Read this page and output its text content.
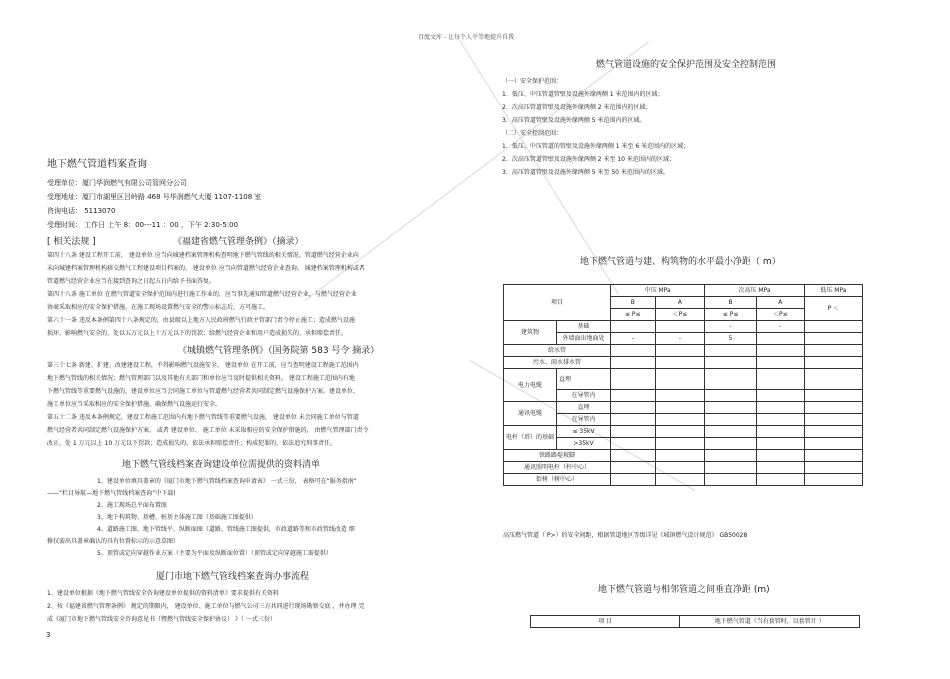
百度文库 - 让每个人平等地提升自我
地下燃气管道档案查询
受理单位：厦门华润燃气有限公司管网分公司
受理地址：厦门市湖里区吕岭路 468 号华润燃气大厦 1107-1108 室
咨询电话： 5113070
受理时间： 工作日 上午 8：00---11 ：00 ，下午 2:30-5:00
[ 相关法规 ]	《福建省燃气管理条例》（摘录）
第四十八条 建设工程开工前， 建设单位 应当向城建档案管理机构查明地下燃气管线的相关情况。管道燃气经营企业向
未向城建档案管理机构移交燃气工程建设项目档案的， 建设单位 应当向管道燃气经营企业查询。 城建档案管理机构或者
管道燃气经营企业应当在接到查询之日起五日内给予书面答复。
第四十八条 施工单位 在燃气管道安全保护范围内进行施工作业的，应当事先通知管道燃气经营企业，与燃气经营企业
协商采取相应的安全保护措施，在施工现场设置燃气安全的警示标志后，方可施工。
第六十一条 违反本条例第四十八条规定的，由县级以上地方人民政府燃气行政主管部门责令停止施工；造成燃气设施
损坏，影响燃气安全的，处以五万元以上十万元以下的罚款；给燃气经营企业和用户造成损失的，承担赔偿责任。
《城镇燃气管理条例》（国务院第 583 号令 摘录）
第三十七条 新建、扩建、改建建设工程，不得影响燃气设施安全。 建设单位 在开工前，应当查明建设工程施工范围内
地下燃气管线的相关情况；燃气管理部门以及其他有关部门和单位应当及时提供相关资料。 建设工程施工范围内有地
下燃气管线等重要燃气设施的，建设单位应当会同施工单位与管道燃气经营者共同制定燃气设施保护方案。建设单位、
施工单位应当采取相应的安全保护措施，确保燃气设施运行安全。
第五十二条 违反本条例规定，建设工程施工范围内有地下燃气管线等重要燃气设施， 建设单位 未会同施工单位与管道
燃气经营者共同制定燃气设施保护方案， 或者 建设单位、 施工单位 未采取相应的安全保护措施的， 由燃气管理部门责令
改正，处 1 万元以上 10 万元以下罚款；造成损失的，依法承担赔偿责任；构成犯罪的，依法追究刑事责任。
地下燃气管线档案查询建设单位需提供的资料清单
1、建设单位填具盖章的《厦门市地下燃气管线档案查询申请表》 一式三份， 表格可在“服务指南”
——“栏目导航—地下燃气管线档案查询”中下载)
2、施工现场总平面布置图
3、地下构筑物、基槽、桩基主体施工图（基础施工图提供）
4、道路施工图、地下管线平、纵断面图（道路、管线施工图提供，市政道路等和市政管线改造 细
修仅需出具盖章确认的具有位置标示的示意草图）
5、顶管或定向穿越作业方案（主要为平面及纵断面位置）（顶管或定向穿越施工需提供）
厦门市地下燃气管线档案查询办事流程
1、建设单位根据《地下燃气管线安全咨询建设单位提供的资料清单》要求提供有关资料
2、按《福建省燃气管理条例》 规定的期限内， 建设单位、施工单位与燃气公司三方共同进行现场勘察交底 ，并办理 完
成《厦门市地下燃气管线安全咨询意见书（暨燃气管线安全保护协议） 》（ 一式三份）
3
燃气管道设施的安全保护范围及安全控制范围
（一）安全保护范围：
1．低压、中压管道管壁及设施外缘两侧 1 米范围内的区域；
2．次高压管道管壁及设施外缘两侧 2 米范围内的区域；
3．高压管道管壁及设施外缘两侧 5 米范围内的区域。
（二）安全控制范围：
1．低压、中压管道的管壁及设施外缘两侧 1 米至 6 米范围内的区域；
2．次高压管道管壁及设施外缘两侧 2 米至 10 米范围内的区域；
3．高压管道管壁及设施外缘两侧 5 米至 50 米范围内的区域。
地下燃气管道与建、构筑物的水平最小净距（ m）
项目		中压 MPa		次高压 MPa		低压 MPa
		B	A	B	A	P ＜
		≤ P≤	＜P≤	≤ P≤	＜P≤	
建筑物	基础			-	-	
	外墙面出地面处	-	-	5		
给水管						
污水、雨水排水管						
电力电缆	直埋					
	在导管内					
通讯电缆	直埋					
	在导管内					
电杆（塔）的基础	≤ 35kV					
	>35kV					
铁路路堤坡脚						
通讯照明电杆（杆中心）						
街树（树中心）						
高压燃气管道（ P>）的安全间距，根据管道地区等级详见《城镇燃气设计规范》 GB50028
地下燃气管道与相邻管道之间垂直净距 (m)
项 目	地下燃气管道（当有套管时，以套管计 ）
